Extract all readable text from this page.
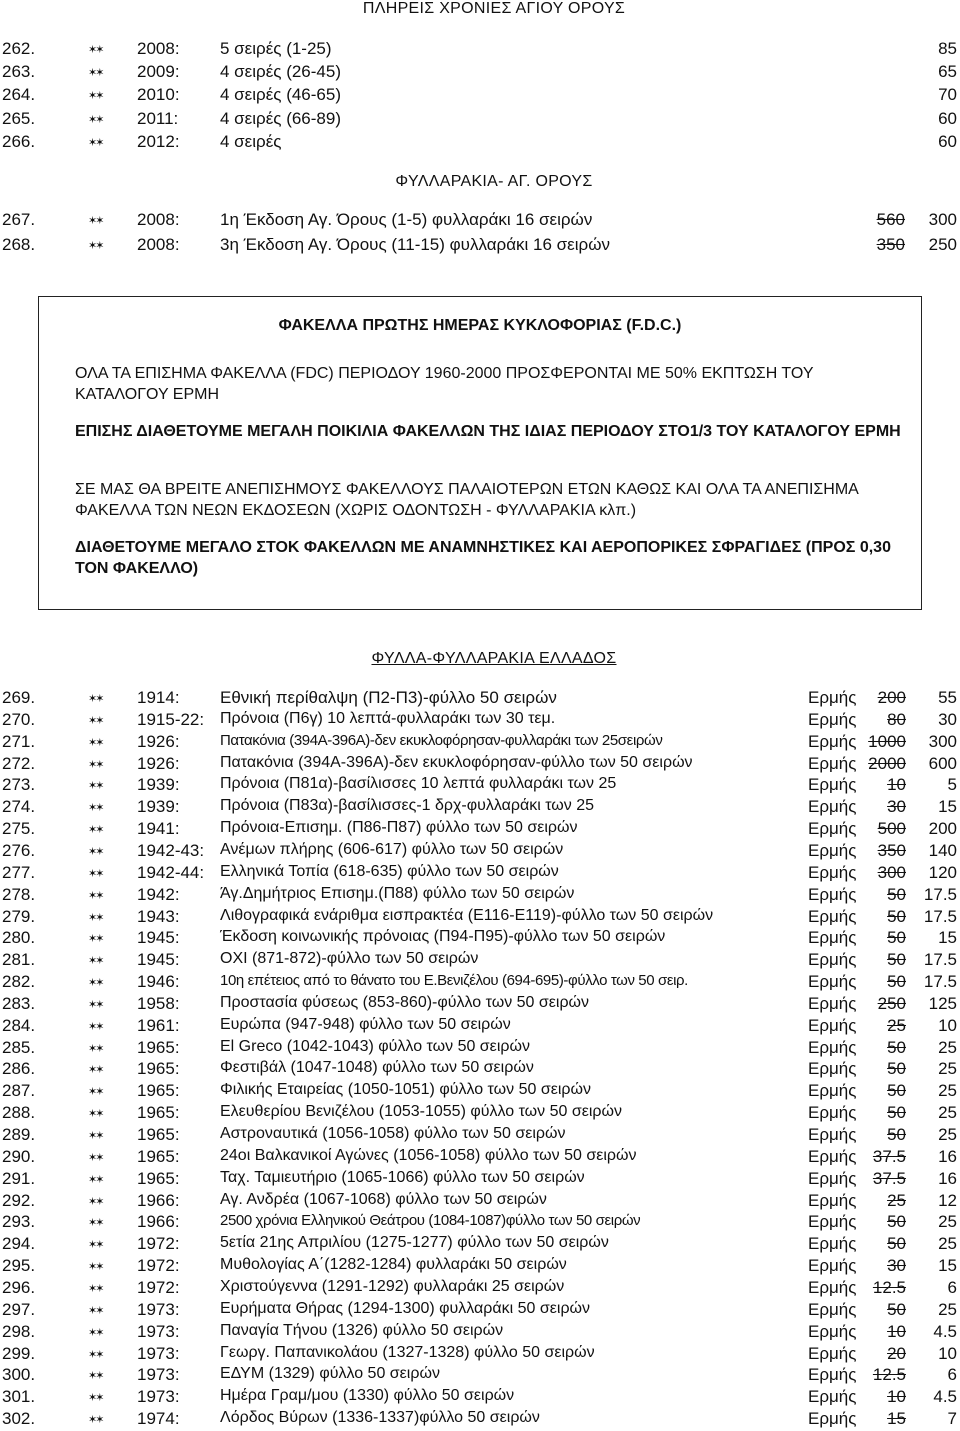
ΠΛΗΡΕΙΣ ΧΡΟΝΙΕΣ ΑΓΙΟΥ ΟΡΟΥΣ
262.	✶✶ 2008: 5 σειρές (1-25)	85
263.	✶✶ 2009: 4 σειρές (26-45)	65
264.	✶✶ 2010: 4 σειρές (46-65)	70
265.	✶✶ 2011: 4 σειρές (66-89)	60
266.	✶✶ 2012: 4 σειρές	60
ΦΥΛΛΑΡΑΚΙΑ- ΑΓ. ΟΡΟΥΣ
267.	✶✶ 2008: 1η Έκδοση Αγ. Όρους (1-5) φυλλαράκι 16 σειρών	560 300
268.	✶✶ 2008: 3η Έκδοση Αγ. Όρους (11-15) φυλλαράκι 16 σειρών	350 250
ΦΑΚΕΛΛΑ ΠΡΩΤΗΣ ΗΜΕΡΑΣ ΚΥΚΛΟΦΟΡΙΑΣ (F.D.C.)
ΟΛΑ ΤΑ ΕΠΙΣΗΜΑ ΦΑΚΕΛΛΑ (FDC) ΠΕΡΙΟΔΟΥ 1960-2000 ΠΡΟΣΦΕΡΟΝΤΑΙ ΜΕ 50% ΕΚΠΤΩΣΗ ΤΟΥ ΚΑΤΑΛΟΓΟΥ ΕΡΜΗ
ΕΠΙΣΗΣ ΔΙΑΘΕΤΟΥΜΕ ΜΕΓΑΛΗ ΠΟΙΚΙΛΙΑ ΦΑΚΕΛΛΩΝ ΤΗΣ ΙΔΙΑΣ ΠΕΡΙΟΔΟΥ ΣΤΟ1/3 ΤΟΥ ΚΑΤΑΛΟΓΟΥ ΕΡΜΗ
ΣΕ ΜΑΣ ΘΑ ΒΡΕΙΤΕ ΑΝΕΠΙΣΗΜΟΥΣ ΦΑΚΕΛΛΟΥΣ ΠΑΛΑΙΟΤΕΡΩΝ ΕΤΩΝ ΚΑΘΩΣ ΚΑΙ ΟΛΑ ΤΑ ΑΝΕΠΙΣΗΜΑ ΦΑΚΕΛΛΑ ΤΩΝ ΝΕΩΝ ΕΚΔΟΣΕΩΝ (ΧΩΡΙΣ ΟΔΟΝΤΩΣΗ - ΦΥΛΛΑΡΑΚΙΑ κλπ.)
ΔΙΑΘΕΤΟΥΜΕ ΜΕΓΑΛΟ ΣΤΟΚ ΦΑΚΕΛΛΩΝ ΜΕ ΑΝΑΜΝΗΣΤΙΚΕΣ ΚΑΙ ΑΕΡΟΠΟΡΙΚΕΣ ΣΦΡΑΓΙΔΕΣ (ΠΡΟΣ 0,30 ΤΟΝ ΦΑΚΕΛΛΟ)
ΦΥΛΛΑ-ΦΥΛΛΑΡΑΚΙΑ ΕΛΛΑΔΟΣ
269.	✶✶ 1914: Εθνική περίθαλψη (Π2-Π3)-φύλλο 50 σειρών	Ερμής 200 55
270.	✶✶ 1915-22: Πρόνοια (Π6γ) 10 λεπτά-φυλλαράκι των 30 τεμ.	Ερμής 80 30
271.	✶✶ 1926:	Πατακόνια (394Α-396Α)-δεν εκυκλοφόρησαν-φυλλαράκι των 25σειρών	Ερμής 1000 300
272.	✶✶ 1926:	Πατακόνια (394Α-396Α)-δεν εκυκλοφόρησαν-φύλλο των 50 σειρών	Ερμής 2000 600
273.	✶✶ 1939:	Πρόνοια (Π81α)-βασίλισσες 10 λεπτά φυλλαράκι των 25	Ερμής 10 5
274.	✶✶ 1939:	Πρόνοια (Π83α)-βασίλισσες-1 δρχ-φυλλαράκι των 25	Ερμής 30 15
275.	✶✶ 1941:	Πρόνοια-Επισημ. (Π86-Π87) φύλλο των 50 σειρών	Ερμής 500 200
276.	✶✶ 1942-43: Ανέμων πλήρης (606-617) φύλλο των 50 σειρών	Ερμής 350 140
277.	✶✶ 1942-44: Ελληνικά Τοπία (618-635) φύλλο των 50 σειρών	Ερμής 300 120
278.	✶✶ 1942:	Άγ.Δημήτριος Επισημ.(Π88) φύλλο των 50 σειρών	Ερμής 50 17.5
279.	✶✶ 1943:	Λιθογραφικά ενάριθμα εισπρακτέα (Ε116-Ε119)-φύλλο των 50 σειρών	Ερμής 50 17.5
280.	✶✶ 1945:	Έκδοση κοινωνικής πρόνοιας (Π94-Π95)-φύλλο των 50 σειρών	Ερμής 50 15
281.	✶✶ 1945:	ΟΧΙ (871-872)-φύλλο των 50 σειρών	Ερμής 50 17.5
282.	✶✶ 1946:	10η επέτειος από το θάνατο του Ε.Βενιζέλου (694-695)-φύλλο των 50 σειρ.	Ερμής 50 17.5
283.	✶✶ 1958:	Προστασία φύσεως (853-860)-φύλλο των 50 σειρών	Ερμής 250 125
284.	✶✶ 1961:	Ευρώπα (947-948) φύλλο των 50 σειρών	Ερμής 25 10
285.	✶✶ 1965:	El Greco (1042-1043) φύλλο των 50 σειρών	Ερμής 50 25
286.	✶✶ 1965:	Φεστιβάλ (1047-1048) φύλλο των 50 σειρών	Ερμής 50 25
287.	✶✶ 1965:	Φιλικής Εταιρείας (1050-1051) φύλλο των 50 σειρών	Ερμής 50 25
288.	✶✶ 1965:	Ελευθερίου Βενιζέλου (1053-1055) φύλλο των 50 σειρών	Ερμής 50 25
289.	✶✶ 1965:	Αστροναυτικά (1056-1058) φύλλο των 50 σειρών	Ερμής 50 25
290.	✶✶ 1965:	24οι Βαλκανικοί Αγώνες (1056-1058) φύλλο των 50 σειρών	Ερμής 37.5 16
291.	✶✶ 1965:	Ταχ. Ταμιευτήριο (1065-1066) φύλλο των 50 σειρών	Ερμής 37.5 16
292.	✶✶ 1966:	Αγ. Ανδρέα (1067-1068) φύλλο των 50 σειρών	Ερμής 25 12
293.	✶✶ 1966:	2500 χρόνια Ελληνικού Θεάτρου (1084-1087)φύλλο των 50 σειρών	Ερμής 50 25
294.	✶✶ 1972:	5ετία 21ης Απριλίου (1275-1277) φύλλο των 50 σειρών	Ερμής 50 25
295.	✶✶ 1972:	Μυθολογίας Α΄(1282-1284) φυλλαράκι 50 σειρών	Ερμής 30 15
296.	✶✶ 1972:	Χριστούγεννα (1291-1292) φυλλαράκι 25 σειρών	Ερμής 12.5 6
297.	✶✶ 1973:	Ευρήματα Θήρας (1294-1300) φυλλαράκι 50 σειρών	Ερμής 50 25
298.	✶✶ 1973:	Παναγία Τήνου (1326) φύλλο 50 σειρών	Ερμής 10 4.5
299.	✶✶ 1973:	Γεωργ. Παπανικολάου (1327-1328) φύλλο 50 σειρών	Ερμής 20 10
300.	✶✶ 1973:	ΕΔΥΜ (1329) φύλλο 50 σειρών	Ερμής 12.5 6
301.	✶✶ 1973:	Ημέρα Γραμ/μου (1330) φύλλο 50 σειρών	Ερμής 10 4.5
302.	✶✶ 1974:	Λόρδος Βύρων (1336-1337)φύλλο 50 σειρών	Ερμής 15 7
